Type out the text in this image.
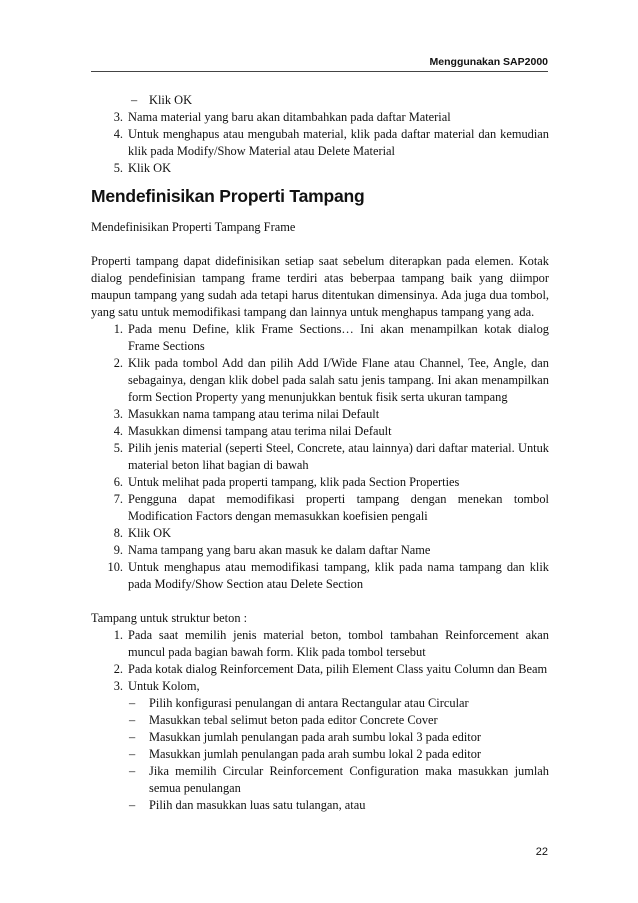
Menggunakan SAP2000
– Klik OK
3. Nama material yang baru akan ditambahkan pada daftar Material
4. Untuk menghapus atau mengubah material, klik pada daftar material dan kemudian klik pada Modify/Show Material atau Delete Material
5. Klik OK
Mendefinisikan Properti Tampang

Mendefinisikan Properti Tampang Frame

Properti tampang dapat didefinisikan setiap saat sebelum diterapkan pada elemen. Kotak dialog pendefinisian tampang frame terdiri atas beberpaa tampang baik yang diimpor maupun tampang yang sudah ada tetapi harus ditentukan dimensinya. Ada juga dua tombol, yang satu untuk memodifikasi tampang dan lainnya untuk menghapus tampang yang ada.

1. Pada menu Define, klik Frame Sections… Ini akan menampilkan kotak dialog Frame Sections
2. Klik pada tombol Add dan pilih Add I/Wide Flane atau Channel, Tee, Angle, dan sebagainya, dengan klik dobel pada salah satu jenis tampang. Ini akan menampilkan form Section Property yang menunjukkan bentuk fisik serta ukuran tampang
3. Masukkan nama tampang atau terima nilai Default
4. Masukkan dimensi tampang atau terima nilai Default
5. Pilih jenis material (seperti Steel, Concrete, atau lainnya) dari daftar material. Untuk material beton lihat bagian di bawah
6. Untuk melihat pada properti tampang, klik pada Section Properties
7. Pengguna dapat memodifikasi properti tampang dengan menekan tombol Modification Factors dengan memasukkan koefisien pengali
8. Klik OK
9. Nama tampang yang baru akan masuk ke dalam daftar Name
10. Untuk menghapus atau memodifikasi tampang, klik pada nama tampang dan klik pada Modify/Show Section atau Delete Section

Tampang untuk struktur beton :

1. Pada saat memilih jenis material beton, tombol tambahan Reinforcement akan muncul pada bagian bawah form. Klik pada tombol tersebut
2. Pada kotak dialog Reinforcement Data, pilih Element Class yaitu Column dan Beam
3. Untuk Kolom,
–	Pilih konfigurasi penulangan di antara Rectangular atau Circular
–	Masukkan tebal selimut beton pada editor Concrete Cover
–	Masukkan jumlah penulangan pada arah sumbu lokal 3 pada editor
–	Masukkan jumlah penulangan pada arah sumbu lokal 2 pada editor
–	Jika memilih Circular Reinforcement Configuration maka masukkan jumlah semua penulangan
–	Pilih dan masukkan luas satu tulangan, atau
22
